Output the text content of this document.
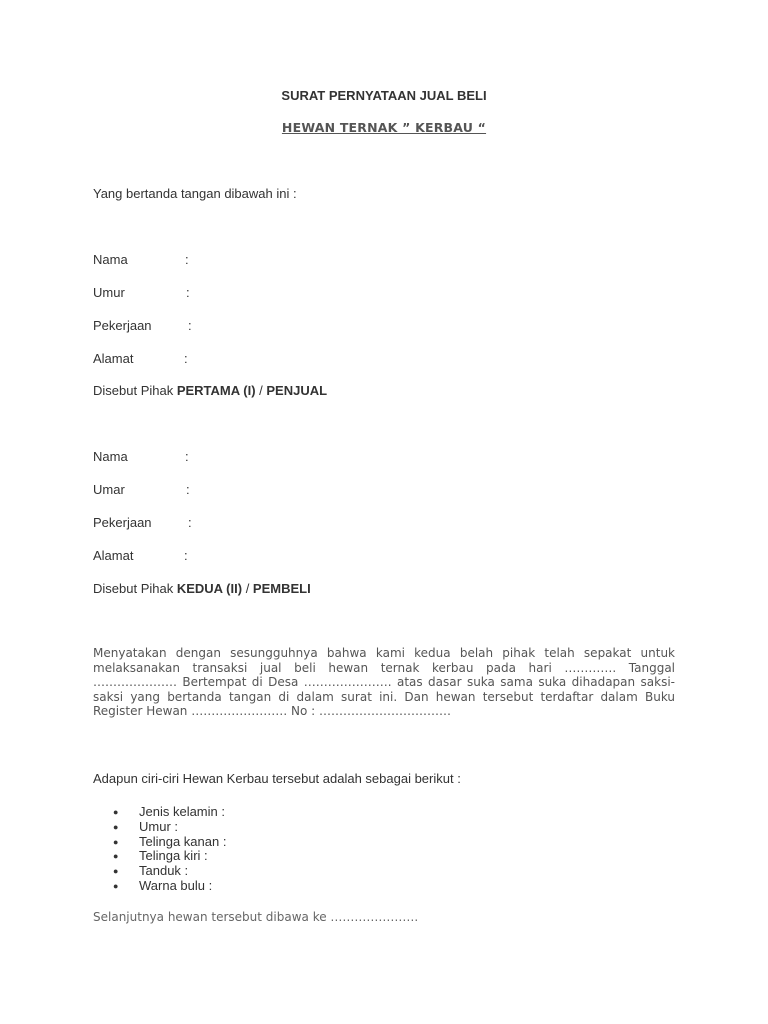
SURAT PERNYATAAN JUAL BELI
HEWAN TERNAK ” KERBAU “
Yang bertanda tangan dibawah ini :
Nama	:
Umur	:
Pekerjaan	:
Alamat	:
Disebut Pihak PERTAMA (I) / PENJUAL
Nama	:
Umar	:
Pekerjaan	:
Alamat	:
Disebut Pihak KEDUA (II) / PEMBELI
Menyatakan dengan sesungguhnya bahwa kami kedua belah pihak telah sepakat untuk melaksanakan transaksi jual beli hewan ternak kerbau pada hari …………. Tanggal ………………… Bertempat di Desa …………………. atas dasar suka sama suka dihadapan saksi-saksi yang bertanda tangan di dalam surat ini. Dan hewan tersebut terdaftar dalam Buku Register Hewan …………………… No : ……………………………
Adapun ciri-ciri Hewan Kerbau tersebut adalah sebagai berikut :
● Jenis kelamin :
● Umur :
● Telinga kanan :
● Telinga kiri :
● Tanduk :
● Warna bulu :
Selanjutnya hewan tersebut dibawa ke ………………….
